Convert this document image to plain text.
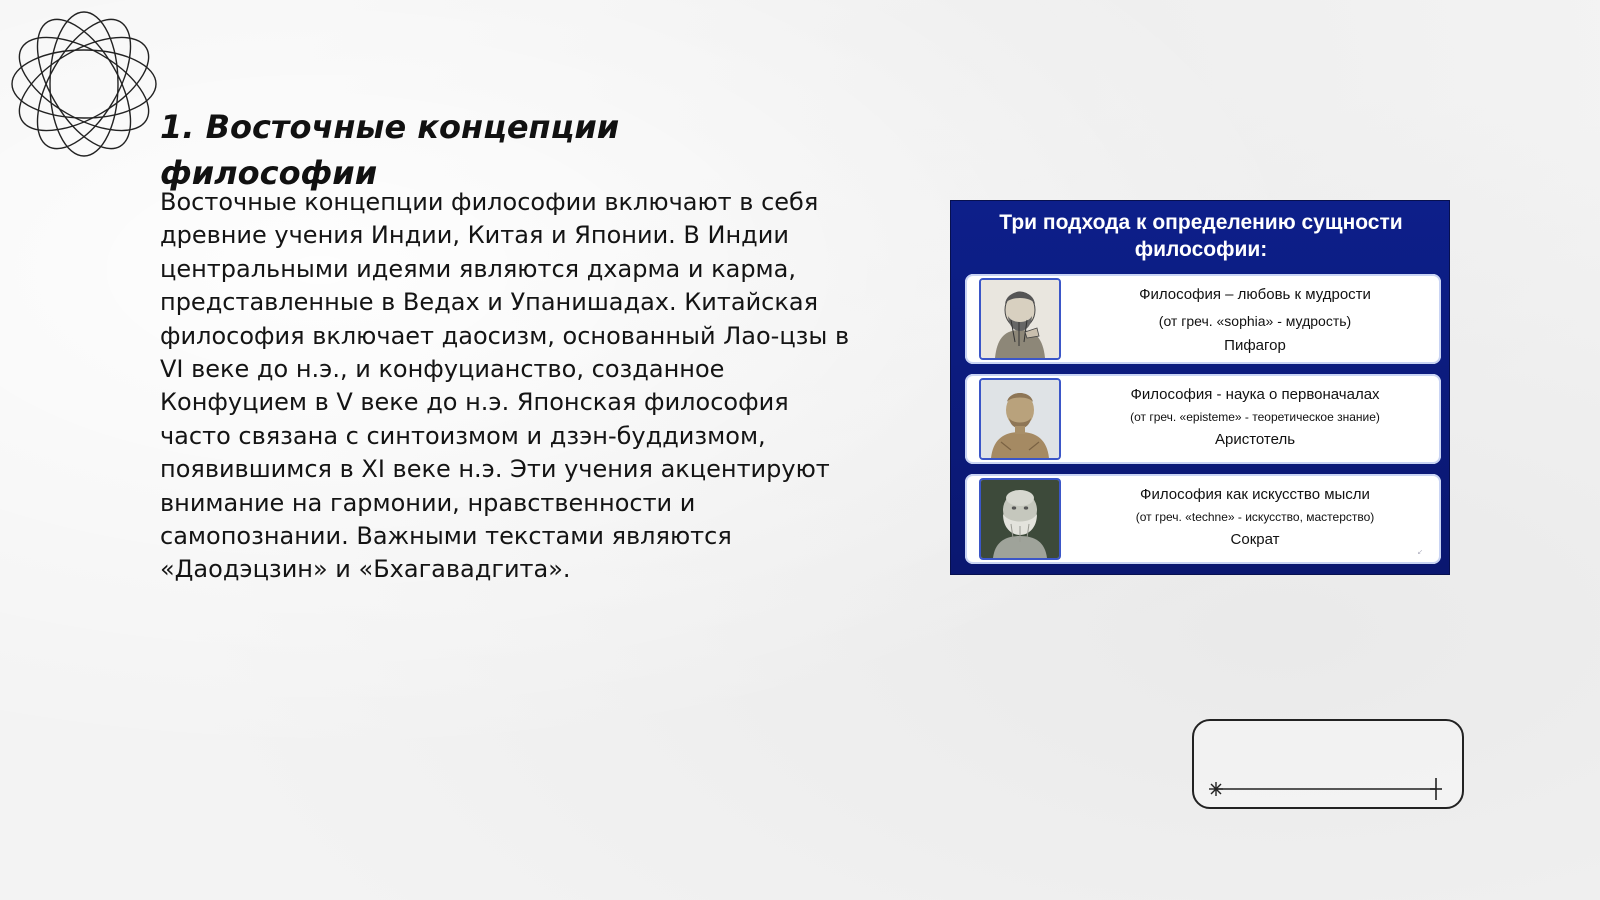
1. Восточные концепции философии

Восточные концепции философии включают в себя древние учения Индии, Китая и Японии. В Индии центральными идеями являются дхарма и карма, представленные в Ведах и Упанишадах. Китайская философия включает даосизм, основанный Лао-цзы в VI веке до н.э., и конфуцианство, созданное Конфуцием в V веке до н.э. Японская философия часто связана с синтоизмом и дзэн-буддизмом, появившимся в XI веке н.э. Эти учения акцентируют внимание на гармонии, нравственности и самопознании. Важными текстами являются «Даодэцзин» и «Бхагавадгита».

Три подхода к определению сущности философии:
Философия – любовь к мудрости
(от греч. «sophia» - мудрость)
Пифагор
Философия - наука о первоначалах
(от греч. «episteme» - теоретическое знание)
Аристотель
Философия как искусство мысли
(от греч. «techne» - искусство, мастерство)
Сократ
↙
